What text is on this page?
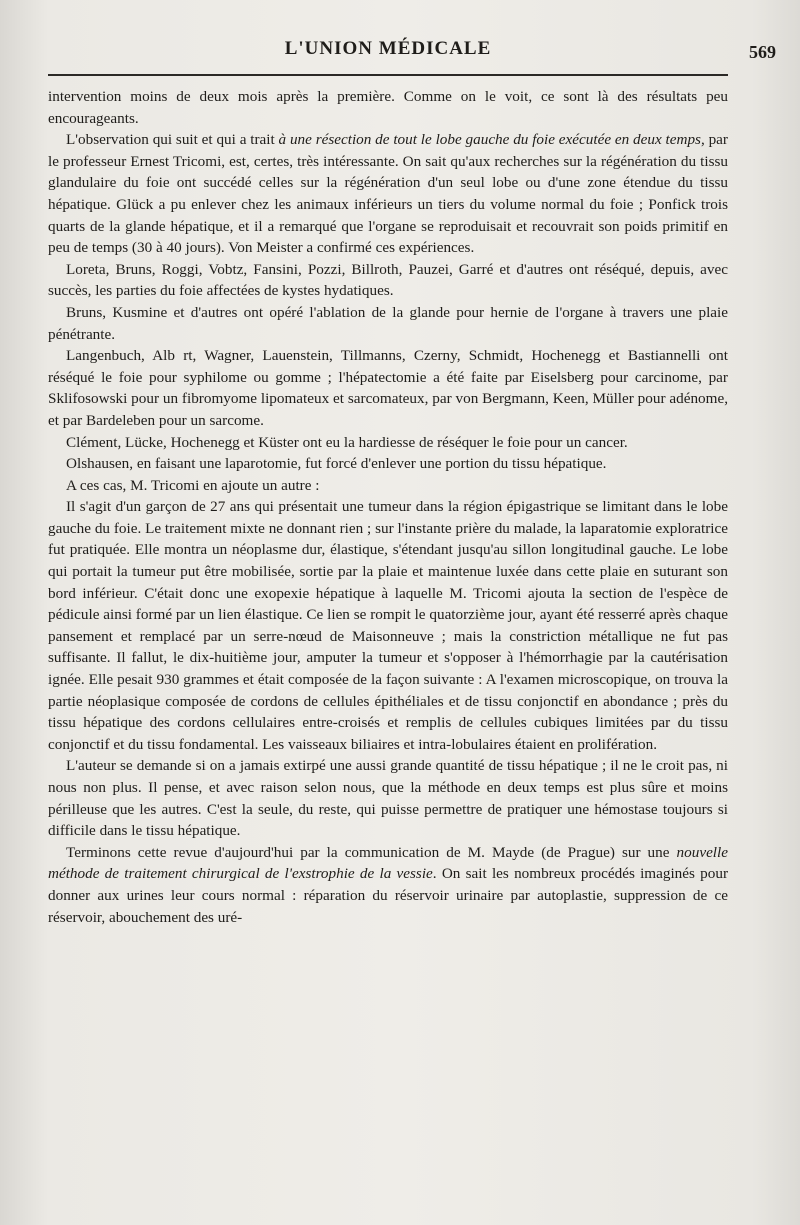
L'UNION MÉDICALE	569

intervention moins de deux mois après la première. Comme on le voit, ce sont là des résultats peu encourageants.

L'observation qui suit et qui a trait à une résection de tout le lobe gauche du foie exécutée en deux temps, par le professeur Ernest Tricomi, est, certes, très intéressante. On sait qu'aux recherches sur la régénération du tissu glandulaire du foie ont succédé celles sur la régénération d'un seul lobe ou d'une zone étendue du tissu hépatique. Glück a pu enlever chez les animaux inférieurs un tiers du volume normal du foie ; Ponfick trois quarts de la glande hépatique, et il a remarqué que l'organe se reproduisait et recouvrait son poids primitif en peu de temps (30 à 40 jours). Von Meister a confirmé ces expériences.

Loreta, Bruns, Roggi, Vobtz, Fansini, Pozzi, Billroth, Pauzei, Garré et d'autres ont réséqué, depuis, avec succès, les parties du foie affectées de kystes hydatiques.

Bruns, Kusmine et d'autres ont opéré l'ablation de la glande pour hernie de l'organe à travers une plaie pénétrante.

Langenbuch, Alb rt, Wagner, Lauenstein, Tillmanns, Czerny, Schmidt, Hochenegg et Bastiannelli ont réséqué le foie pour syphilome ou gomme ; l'hépatectomie a été faite par Eiselsberg pour carcinome, par Sklifosowski pour un fibromyome lipomateux et sarcomateux, par von Bergmann, Keen, Müller pour adénome, et par Bardeleben pour un sarcome.

Clément, Lücke, Hochenegg et Küster ont eu la hardiesse de réséquer le foie pour un cancer.

Olshausen, en faisant une laparotomie, fut forcé d'enlever une portion du tissu hépatique.

A ces cas, M. Tricomi en ajoute un autre :

Il s'agit d'un garçon de 27 ans qui présentait une tumeur dans la région épigastrique se limitant dans le lobe gauche du foie. Le traitement mixte ne donnant rien ; sur l'instante prière du malade, la laparatomie exploratrice fut pratiquée. Elle montra un néoplasme dur, élastique, s'étendant jusqu'au sillon longitudinal gauche. Le lobe qui portait la tumeur put être mobilisée, sortie par la plaie et maintenue luxée dans cette plaie en suturant son bord inférieur. C'était donc une exopexie hépatique à laquelle M. Tricomi ajouta la section de l'espèce de pédicule ainsi formé par un lien élastique. Ce lien se rompit le quatorzième jour, ayant été resserré après chaque pansement et remplacé par un serre-nœud de Maisonneuve ; mais la constriction métallique ne fut pas suffisante. Il fallut, le dix-huitième jour, amputer la tumeur et s'opposer à l'hémorrhagie par la cautérisation ignée. Elle pesait 930 grammes et était composée de la façon suivante : A l'examen microscopique, on trouva la partie néoplasique composée de cordons de cellules épithéliales et de tissu conjonctif en abondance ; près du tissu hépatique des cordons cellulaires entre-croisés et remplis de cellules cubiques limitées par du tissu conjonctif et du tissu fondamental. Les vaisseaux biliaires et intra-lobulaires étaient en prolifération.

L'auteur se demande si on a jamais extirpé une aussi grande quantité de tissu hépatique ; il ne le croit pas, ni nous non plus. Il pense, et avec raison selon nous, que la méthode en deux temps est plus sûre et moins périlleuse que les autres. C'est la seule, du reste, qui puisse permettre de pratiquer une hémostase toujours si difficile dans le tissu hépatique.

Terminons cette revue d'aujourd'hui par la communication de M. Mayde (de Prague) sur une nouvelle méthode de traitement chirurgical de l'exstrophie de la vessie. On sait les nombreux procédés imaginés pour donner aux urines leur cours normal : réparation du réservoir urinaire par autoplastie, suppression de ce réservoir, abouchement des uré-
